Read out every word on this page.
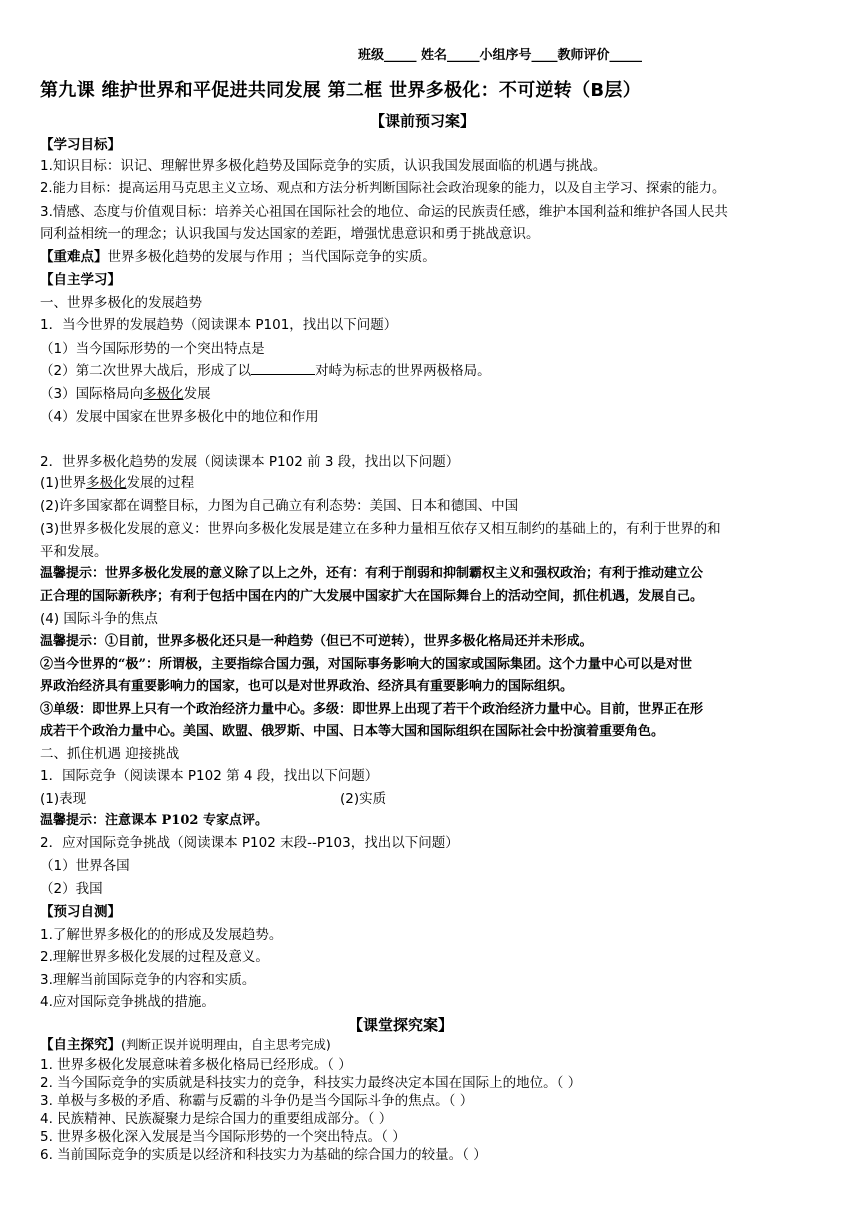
班级_____ 姓名_____小组序号____教师评价_____
第九课 维护世界和平促进共同发展 第二框 世界多极化：不可逆转（B层）
【课前预习案】
【学习目标】
1.知识目标：识记、理解世界多极化趋势及国际竞争的实质，认识我国发展面临的机遇与挑战。
2.能力目标：提高运用马克思主义立场、观点和方法分析判断国际社会政治现象的能力，以及自主学习、探索的能力。
3.情感、态度与价值观目标：培养关心祖国在国际社会的地位、命运的民族责任感，维护本国利益和维护各国人民共
同利益相统一的理念；认识我国与发达国家的差距，增强忧患意识和勇于挑战意识。
【重难点】世界多极化趋势的发展与作用 ；当代国际竞争的实质。
【自主学习】
一、世界多极化的发展趋势
1．当今世界的发展趋势（阅读课本 P101，找出以下问题）
（1）当今国际形势的一个突出特点是
（2）第二次世界大战后，形成了以	对峙为标志的世界两极格局。
（3）国际格局向多极化发展
（4）发展中国家在世界多极化中的地位和作用
2．世界多极化趋势的发展（阅读课本 P102 前 3 段，找出以下问题）
(1)世界多极化发展的过程
(2)许多国家都在调整目标，力图为自己确立有利态势：美国、日本和德国、中国
(3)世界多极化发展的意义：世界向多极化发展是建立在多种力量相互依存又相互制约的基础上的，有利于世界的和
平和发展。
温馨提示：世界多极化发展的意义除了以上之外，还有：有利于削弱和抑制霸权主义和强权政治；有利于推动建立公
正合理的国际新秩序；有利于包括中国在内的广大发展中国家扩大在国际舞台上的活动空间，抓住机遇，发展自己。
(4) 国际斗争的焦点
温馨提示：①目前，世界多极化还只是一种趋势（但已不可逆转），世界多极化格局还并未形成。
②当今世界的“极”：所谓极，主要指综合国力强，对国际事务影响大的国家或国际集团。这个力量中心可以是对世
界政治经济具有重要影响力的国家，也可以是对世界政治、经济具有重要影响力的国际组织。
③单级：即世界上只有一个政治经济力量中心。多级：即世界上出现了若干个政治经济力量中心。目前，世界正在形
成若干个政治力量中心。美国、欧盟、俄罗斯、中国、日本等大国和国际组织在国际社会中扮演着重要角色。
二、抓住机遇 迎接挑战
1．国际竞争（阅读课本 P102 第 4 段，找出以下问题）
(1)表现	(2)实质
温馨提示：注意课本 P102 专家点评。
2．应对国际竞争挑战（阅读课本 P102 末段--P103，找出以下问题）
（1）世界各国
（2）我国
【预习自测】
1.了解世界多极化的的形成及发展趋势。
2.理解世界多极化发展的过程及意义。
3.理解当前国际竞争的内容和实质。
4.应对国际竞争挑战的措施。
【课堂探究案】
【自主探究】(判断正误并说明理由，自主思考完成)
1. 世界多极化发展意味着多极化格局已经形成。（ ）
2. 当今国际竞争的实质就是科技实力的竞争，科技实力最终决定本国在国际上的地位。（ ）
3. 单极与多极的矛盾、称霸与反霸的斗争仍是当今国际斗争的焦点。（ ）
4. 民族精神、民族凝聚力是综合国力的重要组成部分。（ ）
5. 世界多极化深入发展是当今国际形势的一个突出特点。（ ）
6. 当前国际竞争的实质是以经济和科技实力为基础的综合国力的较量。（ ）
